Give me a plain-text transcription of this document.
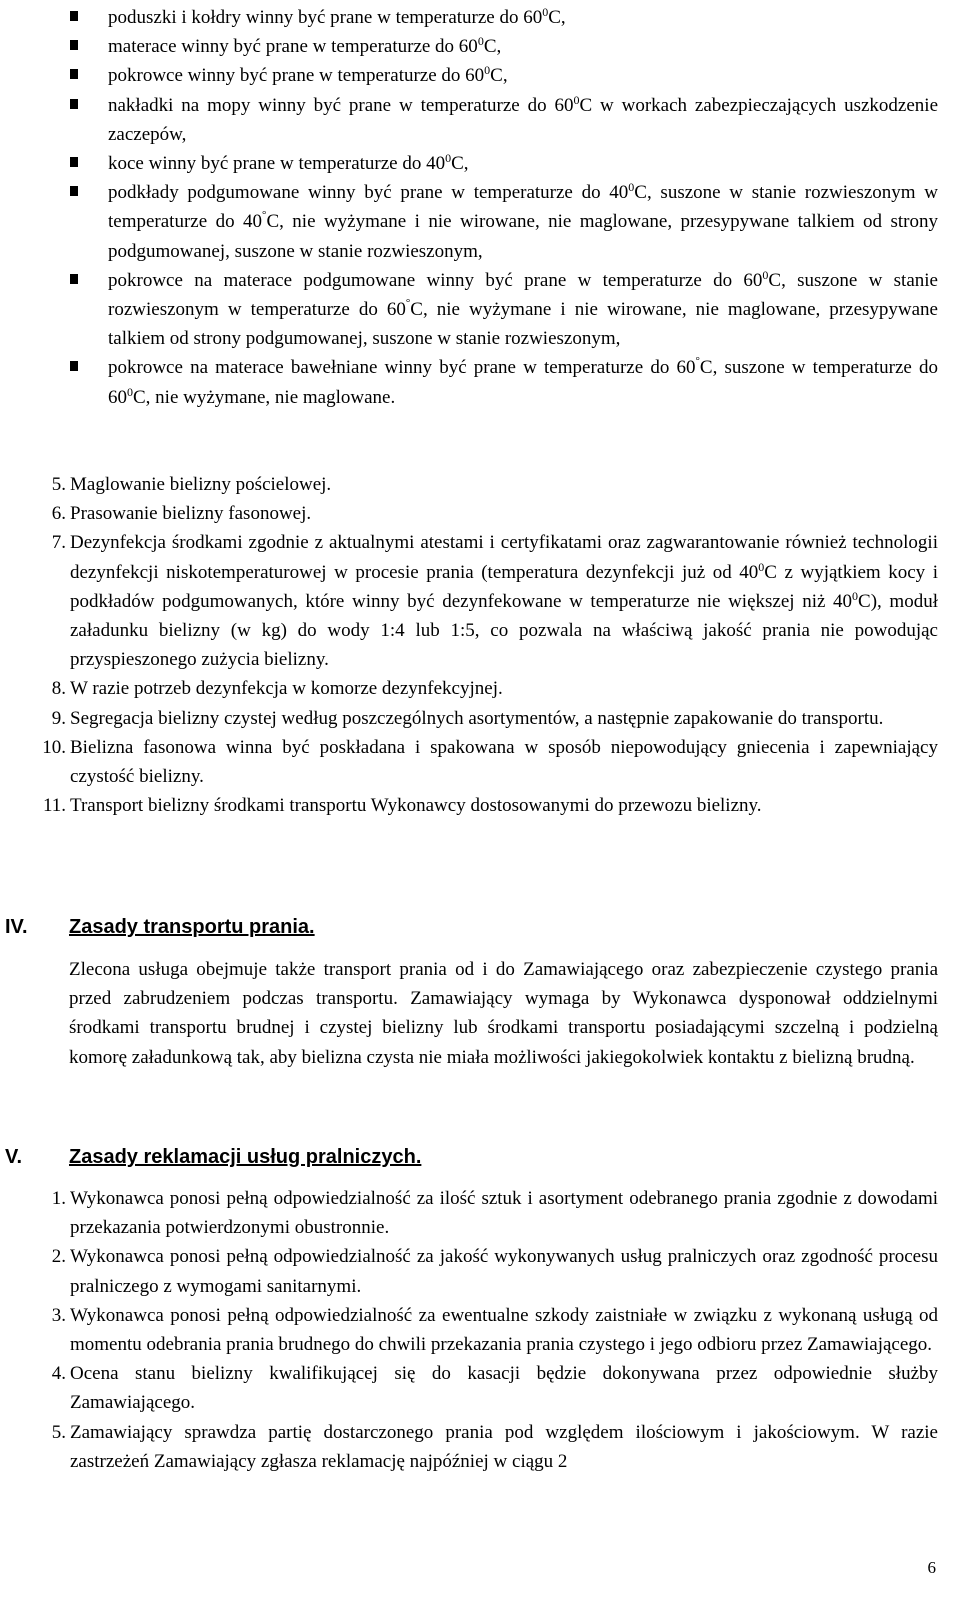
poduszki i kołdry winny być prane w temperaturze do $60^0C$,
materace winny być prane w temperaturze do $60^0C$,
pokrowce winny być prane w temperaturze do $60^0C$,
nakładki na mopy winny być prane w temperaturze do $60^0C$ w workach zabezpieczających uszkodzenie zaczepów,
koce winny być prane w temperaturze do $40^0C$,
podkłady podgumowane winny być prane w temperaturze do $40^0C$, suszone w stanie rozwieszonym w temperaturze do 40°C, nie wyżymane i nie wirowane, nie maglowane, przesypywane talkiem od strony podgumowanej, suszone w stanie rozwieszonym,
pokrowce na materace podgumowane winny być prane w temperaturze do $60^0C$, suszone w stanie rozwieszonym w temperaturze do 60°C, nie wyżymane i nie wirowane, nie maglowane, przesypywane talkiem od strony podgumowanej, suszone w stanie rozwieszonym,
pokrowce na materace bawełniane winny być prane w temperaturze do 60°C, suszone w temperaturze do $60^0C$, nie wyżymane, nie maglowane.
5. Maglowanie bielizny pościelowej.
6. Prasowanie bielizny fasonowej.
7. Dezynfekcja środkami zgodnie z aktualnymi atestami i certyfikatami oraz zagwarantowanie również technologii dezynfekcji niskotemperaturowej w procesie prania (temperatura dezynfekcji już od $40^0C$ z wyjątkiem kocy i podkładów podgumowanych, które winny być dezynfekowane w temperaturze nie większej niż $40^0C$), moduł załadunku bielizny (w kg) do wody 1:4 lub 1:5, co pozwala na właściwą jakość prania nie powodując przyspieszonego zużycia bielizny.
8. W razie potrzeb dezynfekcja w komorze dezynfekcyjnej.
9. Segregacja bielizny czystej według poszczególnych asortymentów, a następnie zapakowanie do transportu.
10. Bielizna fasonowa winna być poskładana i spakowana w sposób niepowodujący gniecenia i zapewniający czystość bielizny.
11. Transport bielizny środkami transportu Wykonawcy dostosowanymi do przewozu bielizny.
IV. Zasady transportu prania.

Zlecona usługa obejmuje także transport prania od i do Zamawiającego oraz zabezpieczenie czystego prania przed zabrudzeniem podczas transportu. Zamawiający wymaga by Wykonawca dysponował oddzielnymi środkami transportu brudnej i czystej bielizny lub środkami transportu posiadającymi szczelną i podzielną komorę załadunkową tak, aby bielizna czysta nie miała możliwości jakiegokolwiek kontaktu z bielizną brudną.

V. Zasady reklamacji usług pralniczych.
1. Wykonawca ponosi pełną odpowiedzialność za ilość sztuk i asortyment odebranego prania zgodnie z dowodami przekazania potwierdzonymi obustronnie.
2. Wykonawca ponosi pełną odpowiedzialność za jakość wykonywanych usług pralniczych oraz zgodność procesu pralniczego z wymogami sanitarnymi.
3. Wykonawca ponosi pełną odpowiedzialność za ewentualne szkody zaistniałe w związku z wykonaną usługą od momentu odebrania prania brudnego do chwili przekazania prania czystego i jego odbioru przez Zamawiającego.
4. Ocena stanu bielizny kwalifikującej się do kasacji będzie dokonywana przez odpowiednie służby Zamawiającego.
5. Zamawiający sprawdza partię dostarczonego prania pod względem ilościowym i jakościowym. W razie zastrzeżeń Zamawiający zgłasza reklamację najpóźniej w ciągu 2
6
